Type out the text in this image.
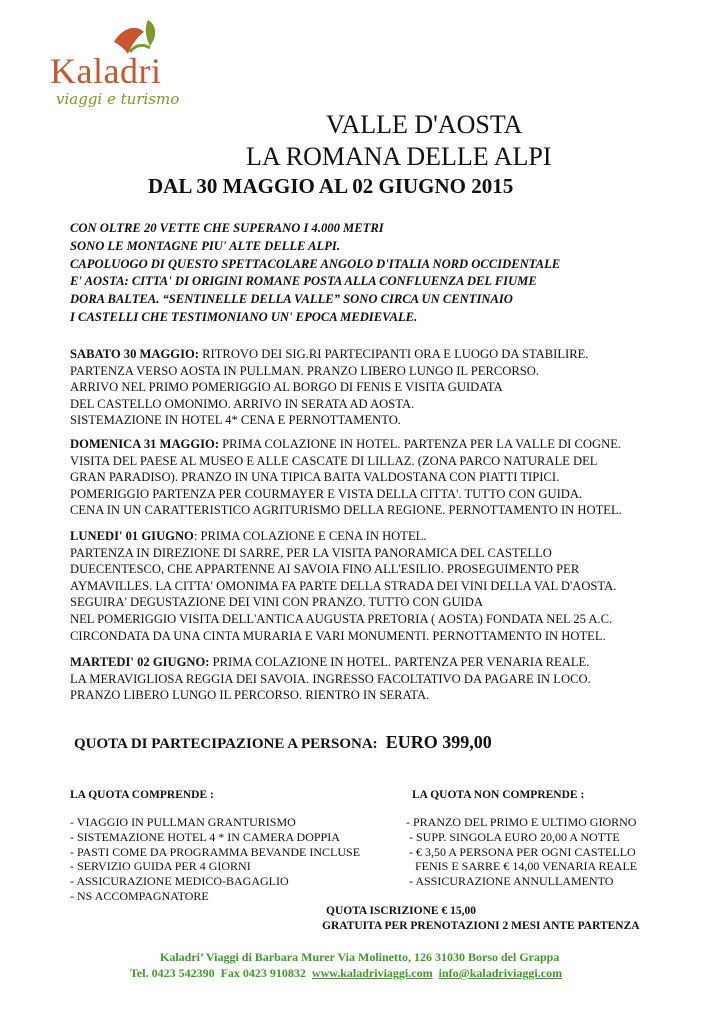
Kaladri
viaggi e turismo
VALLE D'AOSTA
LA ROMANA DELLE ALPI
DAL 30 MAGGIO AL 02 GIUGNO 2015
CON OLTRE 20 VETTE CHE SUPERANO I 4.000 METRI
SONO LE MONTAGNE PIU' ALTE DELLE ALPI.
CAPOLUOGO DI QUESTO SPETTACOLARE ANGOLO D'ITALIA NORD OCCIDENTALE
E' AOSTA: CITTA' DI ORIGINI ROMANE POSTA ALLA CONFLUENZA DEL FIUME
DORA BALTEA. “SENTINELLE DELLA VALLE” SONO CIRCA UN CENTINAIO
I CASTELLI CHE TESTIMONIANO UN' EPOCA MEDIEVALE.
SABATO 30 MAGGIO: RITROVO DEI SIG.RI PARTECIPANTI ORA E LUOGO DA STABILIRE.
PARTENZA VERSO AOSTA IN PULLMAN. PRANZO LIBERO LUNGO IL PERCORSO.
ARRIVO NEL PRIMO POMERIGGIO AL BORGO DI FENIS E VISITA GUIDATA
DEL CASTELLO OMONIMO. ARRIVO IN SERATA AD AOSTA.
SISTEMAZIONE IN HOTEL 4* CENA E PERNOTTAMENTO.
DOMENICA 31 MAGGIO: PRIMA COLAZIONE IN HOTEL. PARTENZA PER LA VALLE DI COGNE.
VISITA DEL PAESE AL MUSEO E ALLE CASCATE DI LILLAZ. (ZONA PARCO NATURALE DEL
GRAN PARADISO). PRANZO IN UNA TIPICA BAITA VALDOSTANA CON PIATTI TIPICI.
POMERIGGIO PARTENZA PER COURMAYER E VISTA DELLA CITTA'. TUTTO CON GUIDA.
CENA IN UN CARATTERISTICO AGRITURISMO DELLA REGIONE. PERNOTTAMENTO IN HOTEL.
LUNEDI' 01 GIUGNO: PRIMA COLAZIONE E CENA IN HOTEL.
PARTENZA IN DIREZIONE DI SARRE, PER LA VISITA PANORAMICA DEL CASTELLO
DUECENTESCO, CHE APPARTENNE AI SAVOIA FINO ALL'ESILIO. PROSEGUIMENTO PER
AYMAVILLES. LA CITTA' OMONIMA FA PARTE DELLA STRADA DEI VINI DELLA VAL D'AOSTA.
SEGUIRA' DEGUSTAZIONE DEI VINI CON PRANZO. TUTTO CON GUIDA
NEL POMERIGGIO VISITA DELL'ANTICA AUGUSTA PRETORIA ( AOSTA) FONDATA NEL 25 A.C.
CIRCONDATA DA UNA CINTA MURARIA E VARI MONUMENTI. PERNOTTAMENTO IN HOTEL.
MARTEDI' 02 GIUGNO: PRIMA COLAZIONE IN HOTEL. PARTENZA PER VENARIA REALE.
LA MERAVIGLIOSA REGGIA DEI SAVOIA. INGRESSO FACOLTATIVO DA PAGARE IN LOCO.
PRANZO LIBERO LUNGO IL PERCORSO. RIENTRO IN SERATA.
QUOTA DI PARTECIPAZIONE A PERSONA: EURO 399,00
LA QUOTA COMPRENDE :	LA QUOTA NON COMPRENDE :
- VIAGGIO IN PULLMAN GRANTURISMO
- SISTEMAZIONE HOTEL 4 * IN CAMERA DOPPIA
- PASTI COME DA PROGRAMMA BEVANDE INCLUSE
- SERVIZIO GUIDA PER 4 GIORNI
- ASSICURAZIONE MEDICO-BAGAGLIO
- NS ACCOMPAGNATORE
- PRANZO DEL PRIMO E ULTIMO GIORNO
- SUPP. SINGOLA EURO 20,00 A NOTTE
- € 3,50 A PERSONA PER OGNI CASTELLO
FENIS E SARRE € 14,00 VENARIA REALE
- ASSICURAZIONE ANNULLAMENTO
QUOTA ISCRIZIONE € 15,00
GRATUITA PER PRENOTAZIONI 2 MESI ANTE PARTENZA
Kaladri’ Viaggi di Barbara Murer Via Molinetto, 126 31030 Borso del Grappa
Tel. 0423 542390  Fax 0423 910832  www.kaladriviaggi.com info@kaladriviaggi.com
